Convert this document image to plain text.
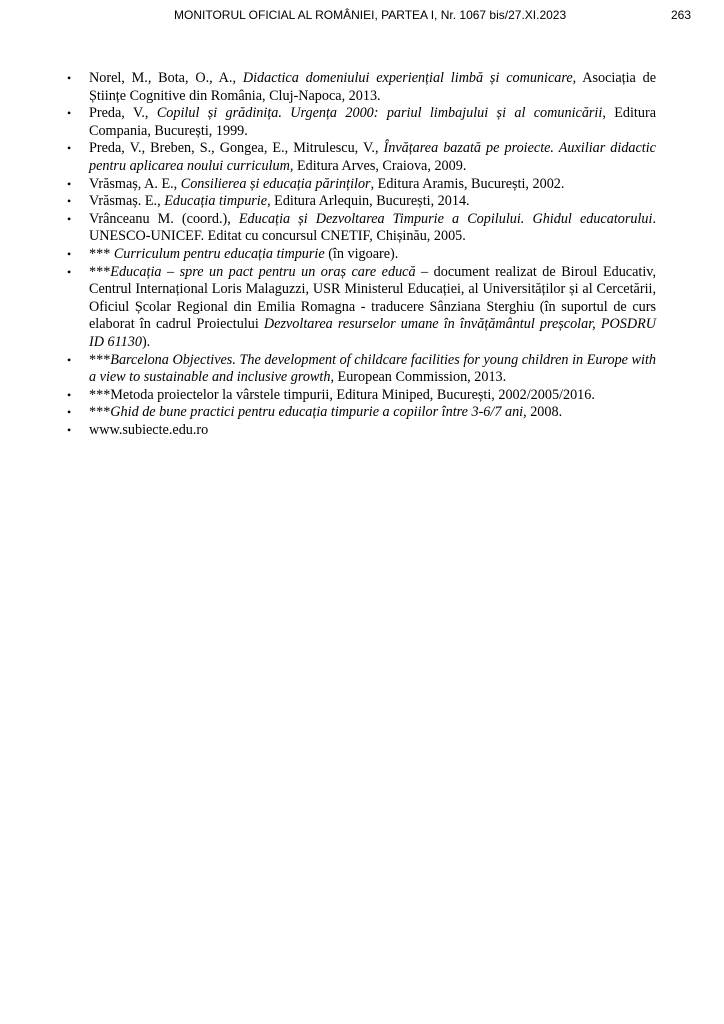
MONITORUL OFICIAL AL ROMÂNIEI, PARTEA I, Nr. 1067 bis/27.XI.2023	263
• Norel, M., Bota, O., A., Didactica domeniului experiențial limbă și comunicare, Asociația de Științe Cognitive din România, Cluj-Napoca, 2013.
• Preda, V., Copilul și grădinița. Urgența 2000: pariul limbajului și al comunicării, Editura Compania, București, 1999.
• Preda, V., Breben, S., Gongea, E., Mitrulescu, V., Învățarea bazată pe proiecte. Auxiliar didactic pentru aplicarea noului curriculum, Editura Arves, Craiova, 2009.
• Vrăsmaș, A. E., Consilierea și educația părinților, Editura Aramis, București, 2002.
• Vrăsmaș. E., Educația timpurie, Editura Arlequin, București, 2014.
• Vrânceanu M. (coord.), Educația și Dezvoltarea Timpurie a Copilului. Ghidul educatorului. UNESCO-UNICEF. Editat cu concursul CNETIF, Chișinău, 2005.
• *** Curriculum pentru educația timpurie (în vigoare).
• ***Educația – spre un pact pentru un oraș care educă – document realizat de Biroul Educativ, Centrul Internațional Loris Malaguzzi, USR Ministerul Educației, al Universităților și al Cercetării, Oficiul Școlar Regional din Emilia Romagna - traducere Sânziana Sterghiu (în suportul de curs elaborat în cadrul Proiectului Dezvoltarea resurselor umane în învățământul preșcolar, POSDRU ID 61130).
• ***Barcelona Objectives. The development of childcare facilities for young children in Europe with a view to sustainable and inclusive growth, European Commission, 2013.
• ***Metoda proiectelor la vârstele timpurii, Editura Miniped, București, 2002/2005/2016.
• ***Ghid de bune practici pentru educația timpurie a copiilor între 3-6/7 ani, 2008.
• www.subiecte.edu.ro
